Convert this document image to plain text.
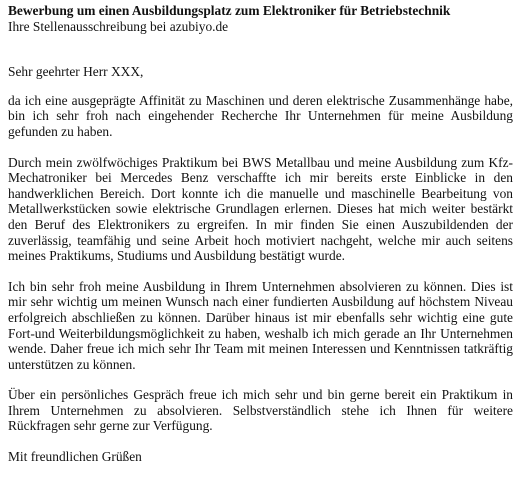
Bewerbung um einen Ausbildungsplatz zum Elektroniker für Betriebstechnik

Ihre Stellenausschreibung bei azubiyo.de

Sehr geehrter Herr XXX,

da ich eine ausgeprägte Affinität zu Maschinen und deren elektrische Zusammenhänge habe, bin ich sehr froh nach eingehender Recherche Ihr Unternehmen für meine Ausbildung gefunden zu haben.

Durch mein zwölfwöchiges Praktikum bei BWS Metallbau und meine Ausbildung zum Kfz-Mechatroniker bei Mercedes Benz verschaffte ich mir bereits erste Einblicke in den handwerklichen Bereich. Dort konnte ich die manuelle und maschinelle Bearbeitung von Metallwerkstücken sowie elektrische Grundlagen erlernen. Dieses hat mich weiter bestärkt den Beruf des Elektronikers zu ergreifen. In mir finden Sie einen Auszubildenden der zuverlässig, teamfähig und seine Arbeit hoch motiviert nachgeht, welche mir auch seitens meines Praktikums, Studiums und Ausbildung bestätigt wurde.

Ich bin sehr froh meine Ausbildung in Ihrem Unternehmen absolvieren zu können. Dies ist mir sehr wichtig um meinen Wunsch nach einer fundierten Ausbildung auf höchstem Niveau erfolgreich abschließen zu können. Darüber hinaus ist mir ebenfalls sehr wichtig eine gute Fort-und Weiterbildungsmöglichkeit zu haben, weshalb ich mich gerade an Ihr Unternehmen wende. Daher freue ich mich sehr Ihr Team mit meinen Interessen und Kenntnissen tatkräftig unterstützen zu können.

Über ein persönliches Gespräch freue ich mich sehr und bin gerne bereit ein Praktikum in Ihrem Unternehmen zu absolvieren. Selbstverständlich stehe ich Ihnen für weitere Rückfragen sehr gerne zur Verfügung.

Mit freundlichen Grüßen
